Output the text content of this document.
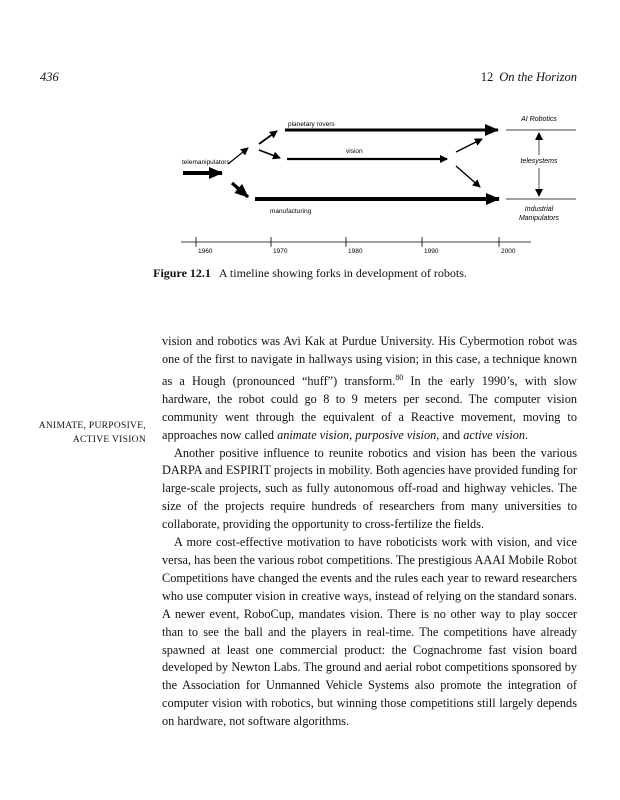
436	12 On the Horizon
planetary rovers
vision
telemanipulators
manufacturing
AI Robotics
telesystems
Industrial
Manipulators
1960	1970	1980	1990	2000
Figure 12.1 A timeline showing forks in development of robots.
ANIMATE, PURPOSIVE,
ACTIVE VISION

vision and robotics was Avi Kak at Purdue University. His Cybermotion robot was one of the first to navigate in hallways using vision; in this case, a technique known as a Hough (pronounced “huff”) transform.$^{80}$ In the early 1990’s, with slow hardware, the robot could go 8 to 9 meters per second. The computer vision community went through the equivalent of a Reactive movement, moving to approaches now called animate vision, purposive vision, and active vision.

Another positive influence to reunite robotics and vision has been the various DARPA and ESPIRIT projects in mobility. Both agencies have provided funding for large-scale projects, such as fully autonomous off-road and highway vehicles. The size of the projects require hundreds of researchers from many universities to collaborate, providing the opportunity to cross-fertilize the fields.

A more cost-effective motivation to have roboticists work with vision, and vice versa, has been the various robot competitions. The prestigious AAAI Mobile Robot Competitions have changed the events and the rules each year to reward researchers who use computer vision in creative ways, instead of relying on the standard sonars. A newer event, RoboCup, mandates vision. There is no other way to play soccer than to see the ball and the players in real-time. The competitions have already spawned at least one commercial product: the Cognachrome fast vision board developed by Newton Labs. The ground and aerial robot competitions sponsored by the Association for Unmanned Vehicle Systems also promote the integration of computer vision with robotics, but winning those competitions still largely depends on hardware, not software algorithms.
